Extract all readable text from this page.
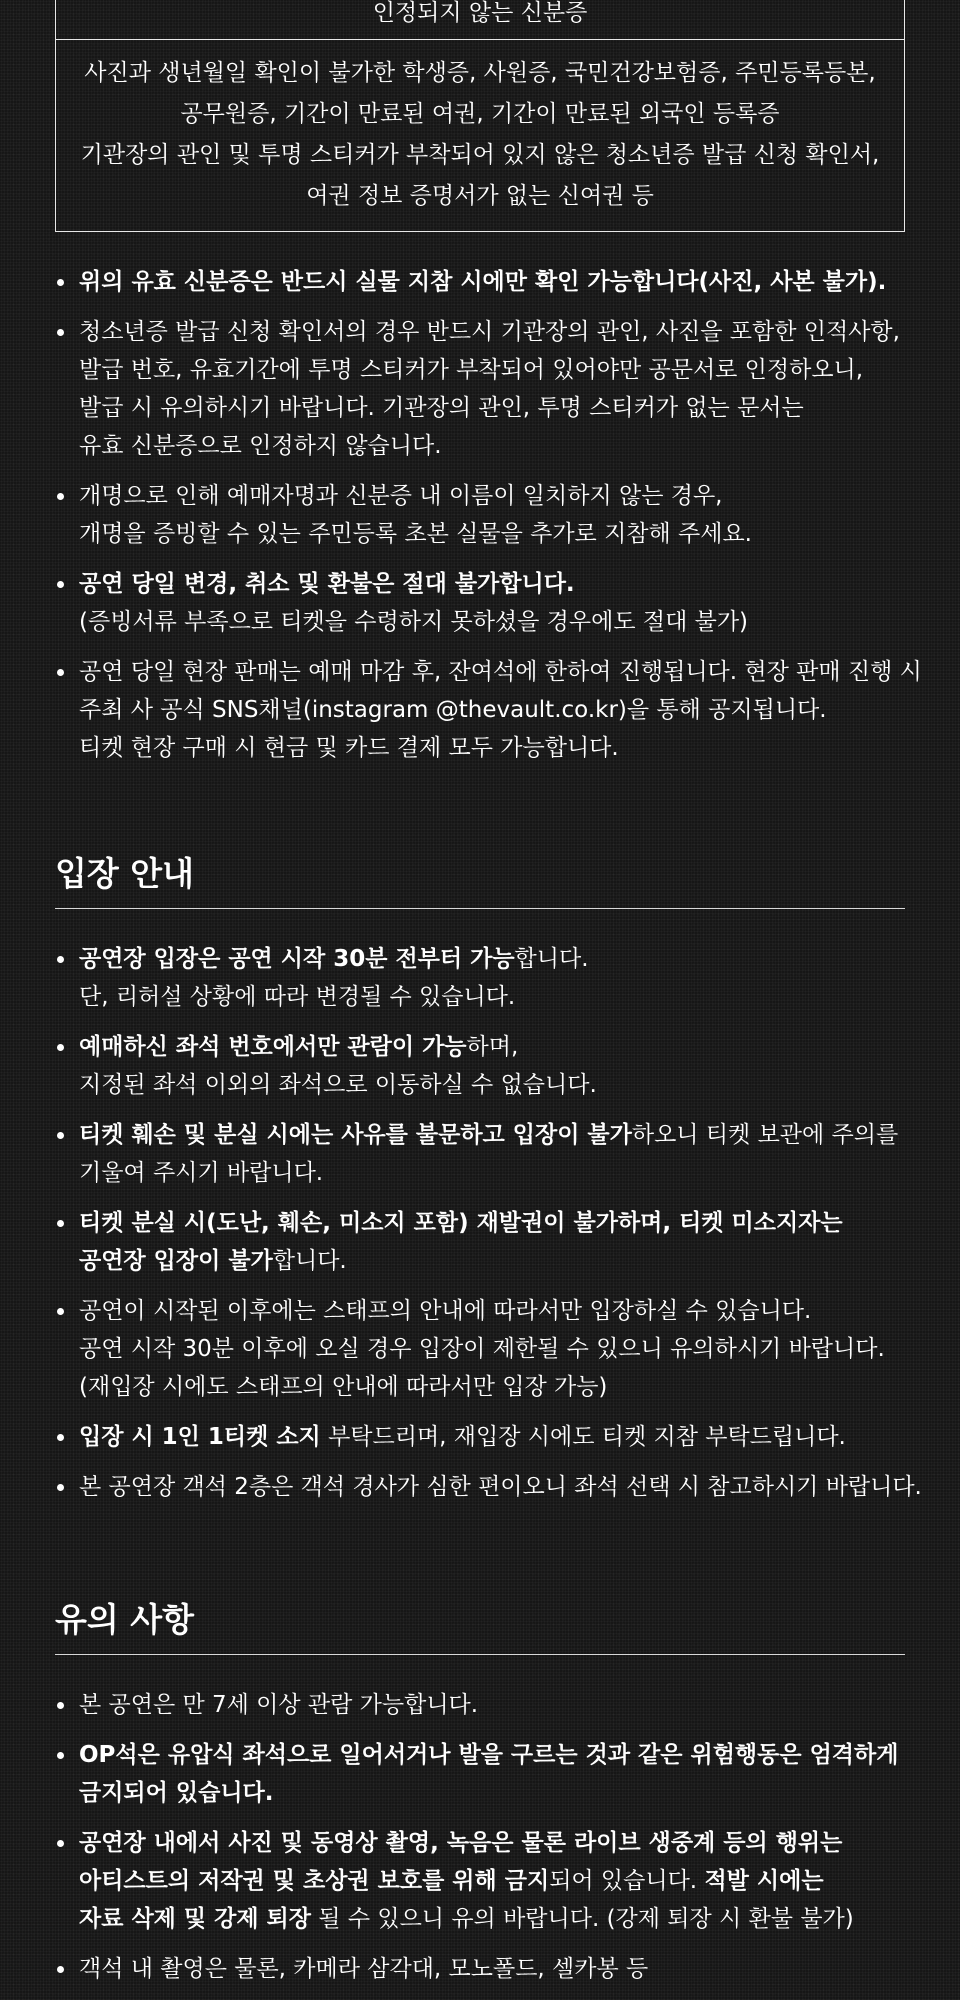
인정되지 않는 신분증
사진과 생년월일 확인이 불가한 학생증, 사원증, 국민건강보험증, 주민등록등본,
공무원증, 기간이 만료된 여권, 기간이 만료된 외국인 등록증
기관장의 관인 및 투명 스티커가 부착되어 있지 않은 청소년증 발급 신청 확인서,
여권 정보 증명서가 없는 신여권 등
위의 유효 신분증은 반드시 실물 지참 시에만 확인 가능합니다(사진, 사본 불가).
청소년증 발급 신청 확인서의 경우 반드시 기관장의 관인, 사진을 포함한 인적사항,
발급 번호, 유효기간에 투명 스티커가 부착되어 있어야만 공문서로 인정하오니,
발급 시 유의하시기 바랍니다. 기관장의 관인, 투명 스티커가 없는 문서는
유효 신분증으로 인정하지 않습니다.
개명으로 인해 예매자명과 신분증 내 이름이 일치하지 않는 경우,
개명을 증빙할 수 있는 주민등록 초본 실물을 추가로 지참해 주세요.
공연 당일 변경, 취소 및 환불은 절대 불가합니다.
(증빙서류 부족으로 티켓을 수령하지 못하셨을 경우에도 절대 불가)
공연 당일 현장 판매는 예매 마감 후, 잔여석에 한하여 진행됩니다. 현장 판매 진행 시
주최 사 공식 SNS채널(instagram @thevault.co.kr)을 통해 공지됩니다.
티켓 현장 구매 시 현금 및 카드 결제 모두 가능합니다.
입장 안내
공연장 입장은 공연 시작 30분 전부터 가능합니다.
단, 리허설 상황에 따라 변경될 수 있습니다.
예매하신 좌석 번호에서만 관람이 가능하며,
지정된 좌석 이외의 좌석으로 이동하실 수 없습니다.
티켓 훼손 및 분실 시에는 사유를 불문하고 입장이 불가하오니 티켓 보관에 주의를
기울여 주시기 바랍니다.
티켓 분실 시(도난, 훼손, 미소지 포함) 재발권이 불가하며, 티켓 미소지자는
공연장 입장이 불가합니다.
공연이 시작된 이후에는 스태프의 안내에 따라서만 입장하실 수 있습니다.
공연 시작 30분 이후에 오실 경우 입장이 제한될 수 있으니 유의하시기 바랍니다.
(재입장 시에도 스태프의 안내에 따라서만 입장 가능)
입장 시 1인 1티켓 소지 부탁드리며, 재입장 시에도 티켓 지참 부탁드립니다.
본 공연장 객석 2층은 객석 경사가 심한 편이오니 좌석 선택 시 참고하시기 바랍니다.
유의 사항
본 공연은 만 7세 이상 관람 가능합니다.
OP석은 유압식 좌석으로 일어서거나 발을 구르는 것과 같은 위험행동은 엄격하게
금지되어 있습니다.
공연장 내에서 사진 및 동영상 촬영, 녹음은 물론 라이브 생중계 등의 행위는
아티스트의 저작권 및 초상권 보호를 위해 금지되어 있습니다. 적발 시에는
자료 삭제 및 강제 퇴장 될 수 있으니 유의 바랍니다. (강제 퇴장 시 환불 불가)
객석 내 촬영은 물론, 카메라 삼각대, 모노폴드, 셀카봉 등
